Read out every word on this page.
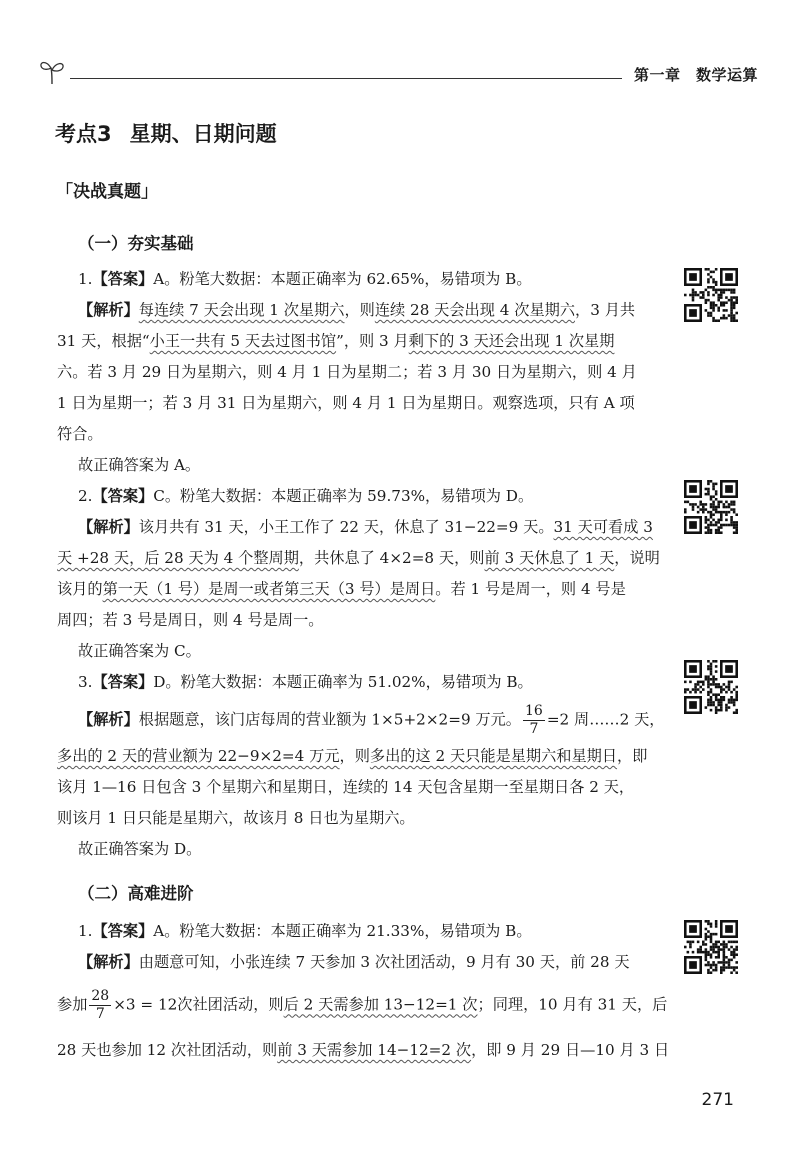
第一章　数学运算
考点3 星期、日期问题
「决战真题」
（一）夯实基础
1.【答案】A。粉笔大数据：本题正确率为 62.65%，易错项为 B。
【解析】每连续 7 天会出现 1 次星期六，则连续 28 天会出现 4 次星期六，3 月共
31 天，根据“小王一共有 5 天去过图书馆”，则 3 月剩下的 3 天还会出现 1 次星期
六。若 3 月 29 日为星期六，则 4 月 1 日为星期二；若 3 月 30 日为星期六，则 4 月
1 日为星期一；若 3 月 31 日为星期六，则 4 月 1 日为星期日。观察选项，只有 A 项
符合。
故正确答案为 A。
2.【答案】C。粉笔大数据：本题正确率为 59.73%，易错项为 D。
【解析】该月共有 31 天，小王工作了 22 天，休息了 31−22=9 天。31 天可看成 3
天 +28 天，后 28 天为 4 个整周期，共休息了 4×2=8 天，则前 3 天休息了 1 天，说明
该月的第一天（1 号）是周一或者第三天（3 号）是周日。若 1 号是周一，则 4 号是
周四；若 3 号是周日，则 4 号是周一。
故正确答案为 C。
3.【答案】D。粉笔大数据：本题正确率为 51.02%，易错项为 B。
【解析】根据题意，该门店每周的营业额为 1×5+2×2=9 万元。 $\frac{16}{7} =2$ 周……2 天，
多出的 2 天的营业额为 22−9×2=4 万元，则多出的这 2 天只能是星期六和星期日，即
该月 1—16 日包含 3 个星期六和星期日，连续的 14 天包含星期一至星期日各 2 天，
则该月 1 日只能是星期六，故该月 8 日也为星期六。
故正确答案为 D。
（二）高难进阶
1.【答案】A。粉笔大数据：本题正确率为 21.33%，易错项为 B。
【解析】由题意可知，小张连续 7 天参加 3 次社团活动，9 月有 30 天，前 28 天
参加 $\frac{28}{7} \times 3 = 12$次社团活动，则后 2 天需参加 13−12=1 次；同理，10 月有 31 天，后
28 天也参加 12 次社团活动，则前 3 天需参加 14−12=2 次，即 9 月 29 日—10 月 3 日
271
